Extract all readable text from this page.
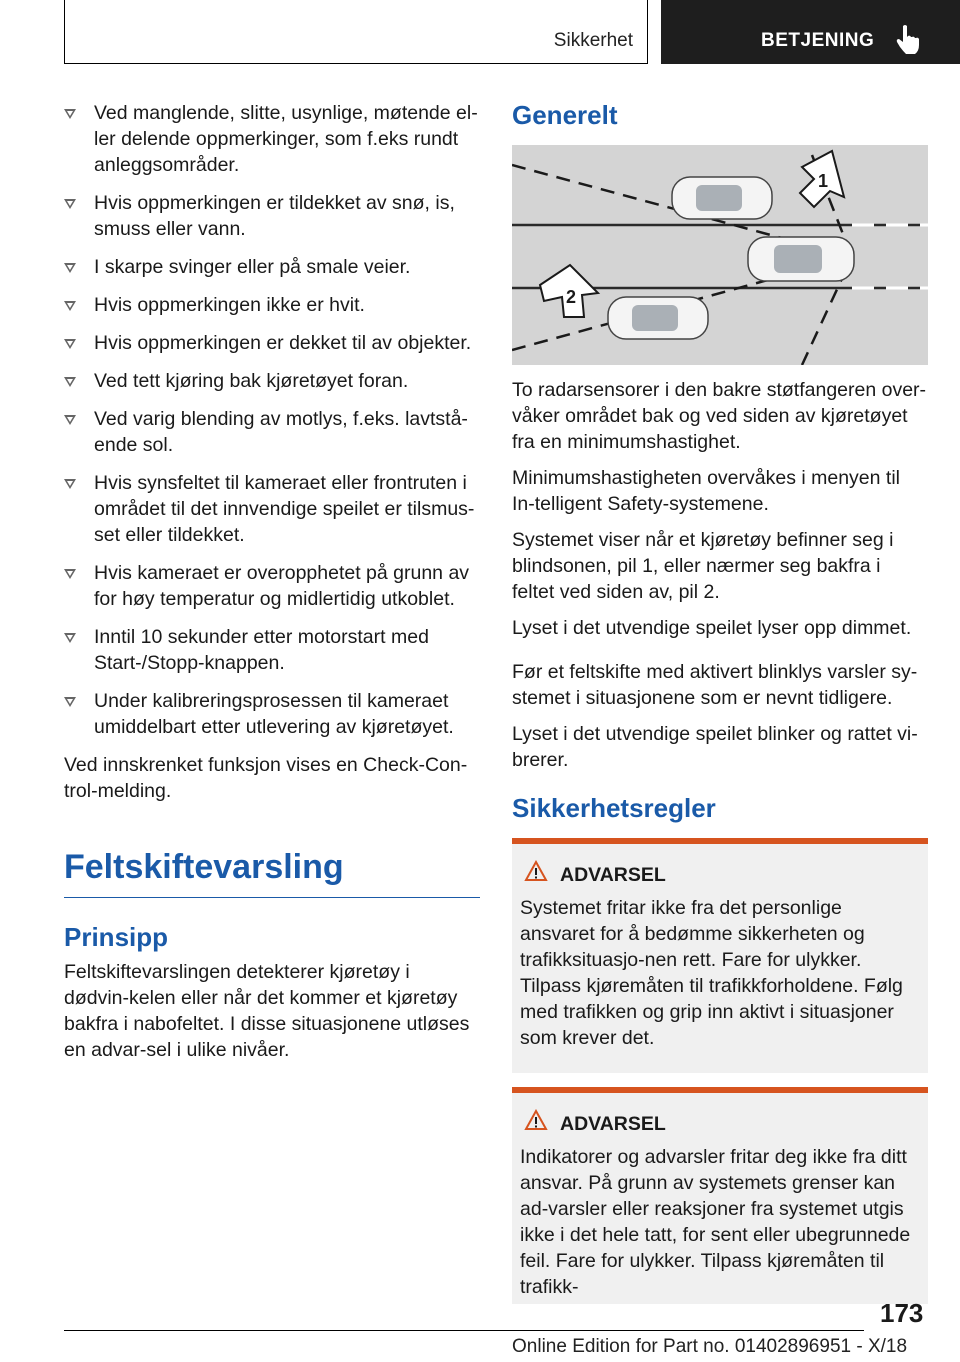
Sikkerhet	BETJENING
Ved manglende, slitte, usynlige, møtende el-ler delende oppmerkinger, som f.eks rundt anleggsområder.
Hvis oppmerkingen er tildekket av snø, is, smuss eller vann.
I skarpe svinger eller på smale veier.
Hvis oppmerkingen ikke er hvit.
Hvis oppmerkingen er dekket til av objekter.
Ved tett kjøring bak kjøretøyet foran.
Ved varig blending av motlys, f.eks. lavtstå-ende sol.
Hvis synsfeltet til kameraet eller frontruten i området til det innvendige speilet er tilsmus-set eller tildekket.
Hvis kameraet er overopphetet på grunn av for høy temperatur og midlertidig utkoblet.
Inntil 10 sekunder etter motorstart med Start-/Stopp-knappen.
Under kalibreringsprosessen til kameraet umiddelbart etter utlevering av kjøretøyet.

Ved innskrenket funksjon vises en Check-Con-trol-melding.

Feltskiftevarsling
Prinsipp

Feltskiftevarslingen detekterer kjøretøy i dødvin-kelen eller når det kommer et kjøretøy bakfra i nabofeltet. I disse situasjonene utløses en advar-sel i ulike nivåer.

Generelt
1
2

To radarsensorer i den bakre støtfangeren over-våker området bak og ved siden av kjøretøyet fra en minimumshastighet.

Minimumshastigheten overvåkes i menyen til In-telligent Safety-systemene.

Systemet viser når et kjøretøy befinner seg i blindsonen, pil 1, eller nærmer seg bakfra i feltet ved siden av, pil 2.

Lyset i det utvendige speilet lyser opp dimmet.

Før et feltskifte med aktivert blinklys varsler sy-stemet i situasjonene som er nevnt tidligere.

Lyset i det utvendige speilet blinker og rattet vi-brerer.

Sikkerhetsregler
ADVARSEL
Systemet fritar ikke fra det personlige ansvaret for å bedømme sikkerheten og trafikksituasjo-nen rett. Fare for ulykker. Tilpass kjøremåten til trafikkforholdene. Følg med trafikken og grip inn aktivt i situasjoner som krever det.
ADVARSEL
Indikatorer og advarsler fritar deg ikke fra ditt ansvar. På grunn av systemets grenser kan ad-varsler eller reaksjoner fra systemet utgis ikke i det hele tatt, for sent eller ubegrunnede feil. Fare for ulykker. Tilpass kjøremåten til trafikk-
173
Online Edition for Part no. 01402896951 - X/18
